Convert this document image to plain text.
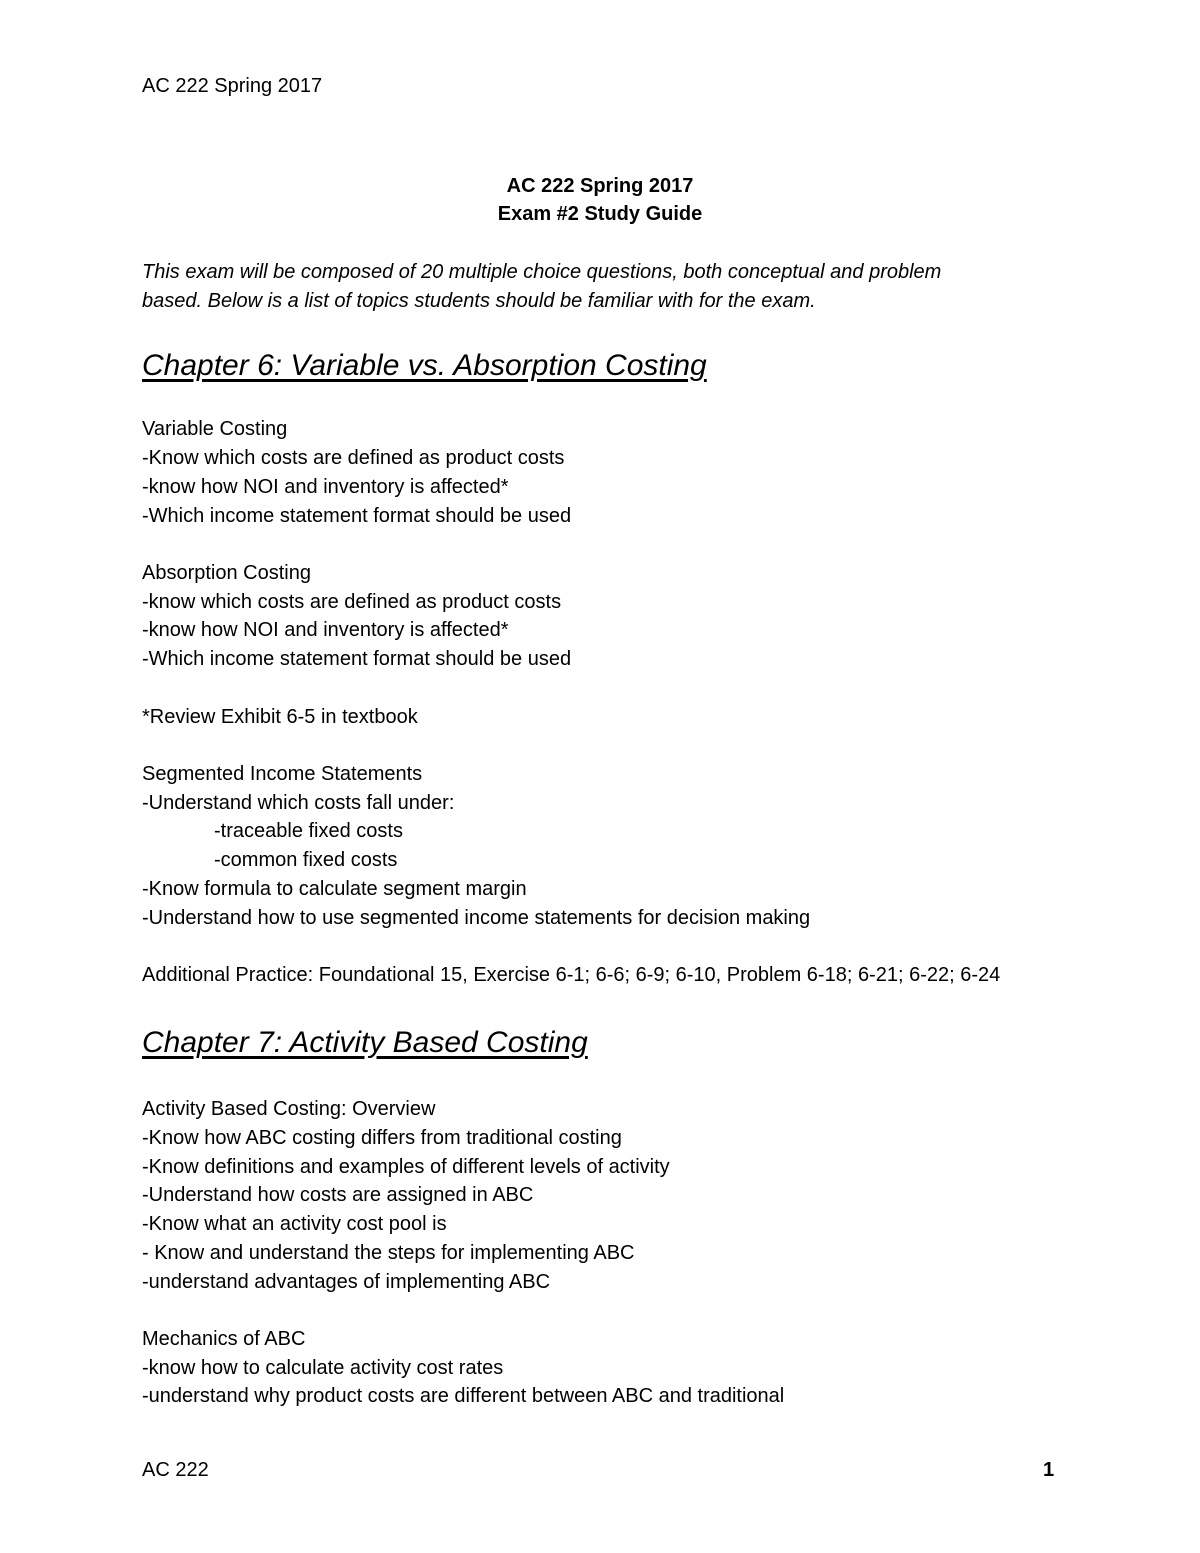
AC 222 Spring 2017
AC 222 Spring 2017
Exam #2 Study Guide
This exam will be composed of 20 multiple choice questions, both conceptual and problem
based. Below is a list of topics students should be familiar with for the exam.
Chapter 6: Variable vs. Absorption Costing
Variable Costing
-Know which costs are defined as product costs
-know how NOI and inventory is affected*
-Which income statement format should be used
Absorption Costing
-know which costs are defined as product costs
-know how NOI and inventory is affected*
-Which income statement format should be used
*Review Exhibit 6-5 in textbook
Segmented Income Statements
-Understand which costs fall under:
-traceable fixed costs
-common fixed costs
-Know formula to calculate segment margin
-Understand how to use segmented income statements for decision making
Additional Practice: Foundational 15, Exercise 6-1; 6-6; 6-9; 6-10, Problem 6-18; 6-21; 6-22; 6-24
Chapter 7: Activity Based Costing
Activity Based Costing: Overview
-Know how ABC costing differs from traditional costing
-Know definitions and examples of different levels of activity
-Understand how costs are assigned in ABC
-Know what an activity cost pool is
- Know and understand the steps for implementing ABC
-understand advantages of implementing ABC
Mechanics of ABC
-know how to calculate activity cost rates
-understand why product costs are different between ABC and traditional
AC 222	1
